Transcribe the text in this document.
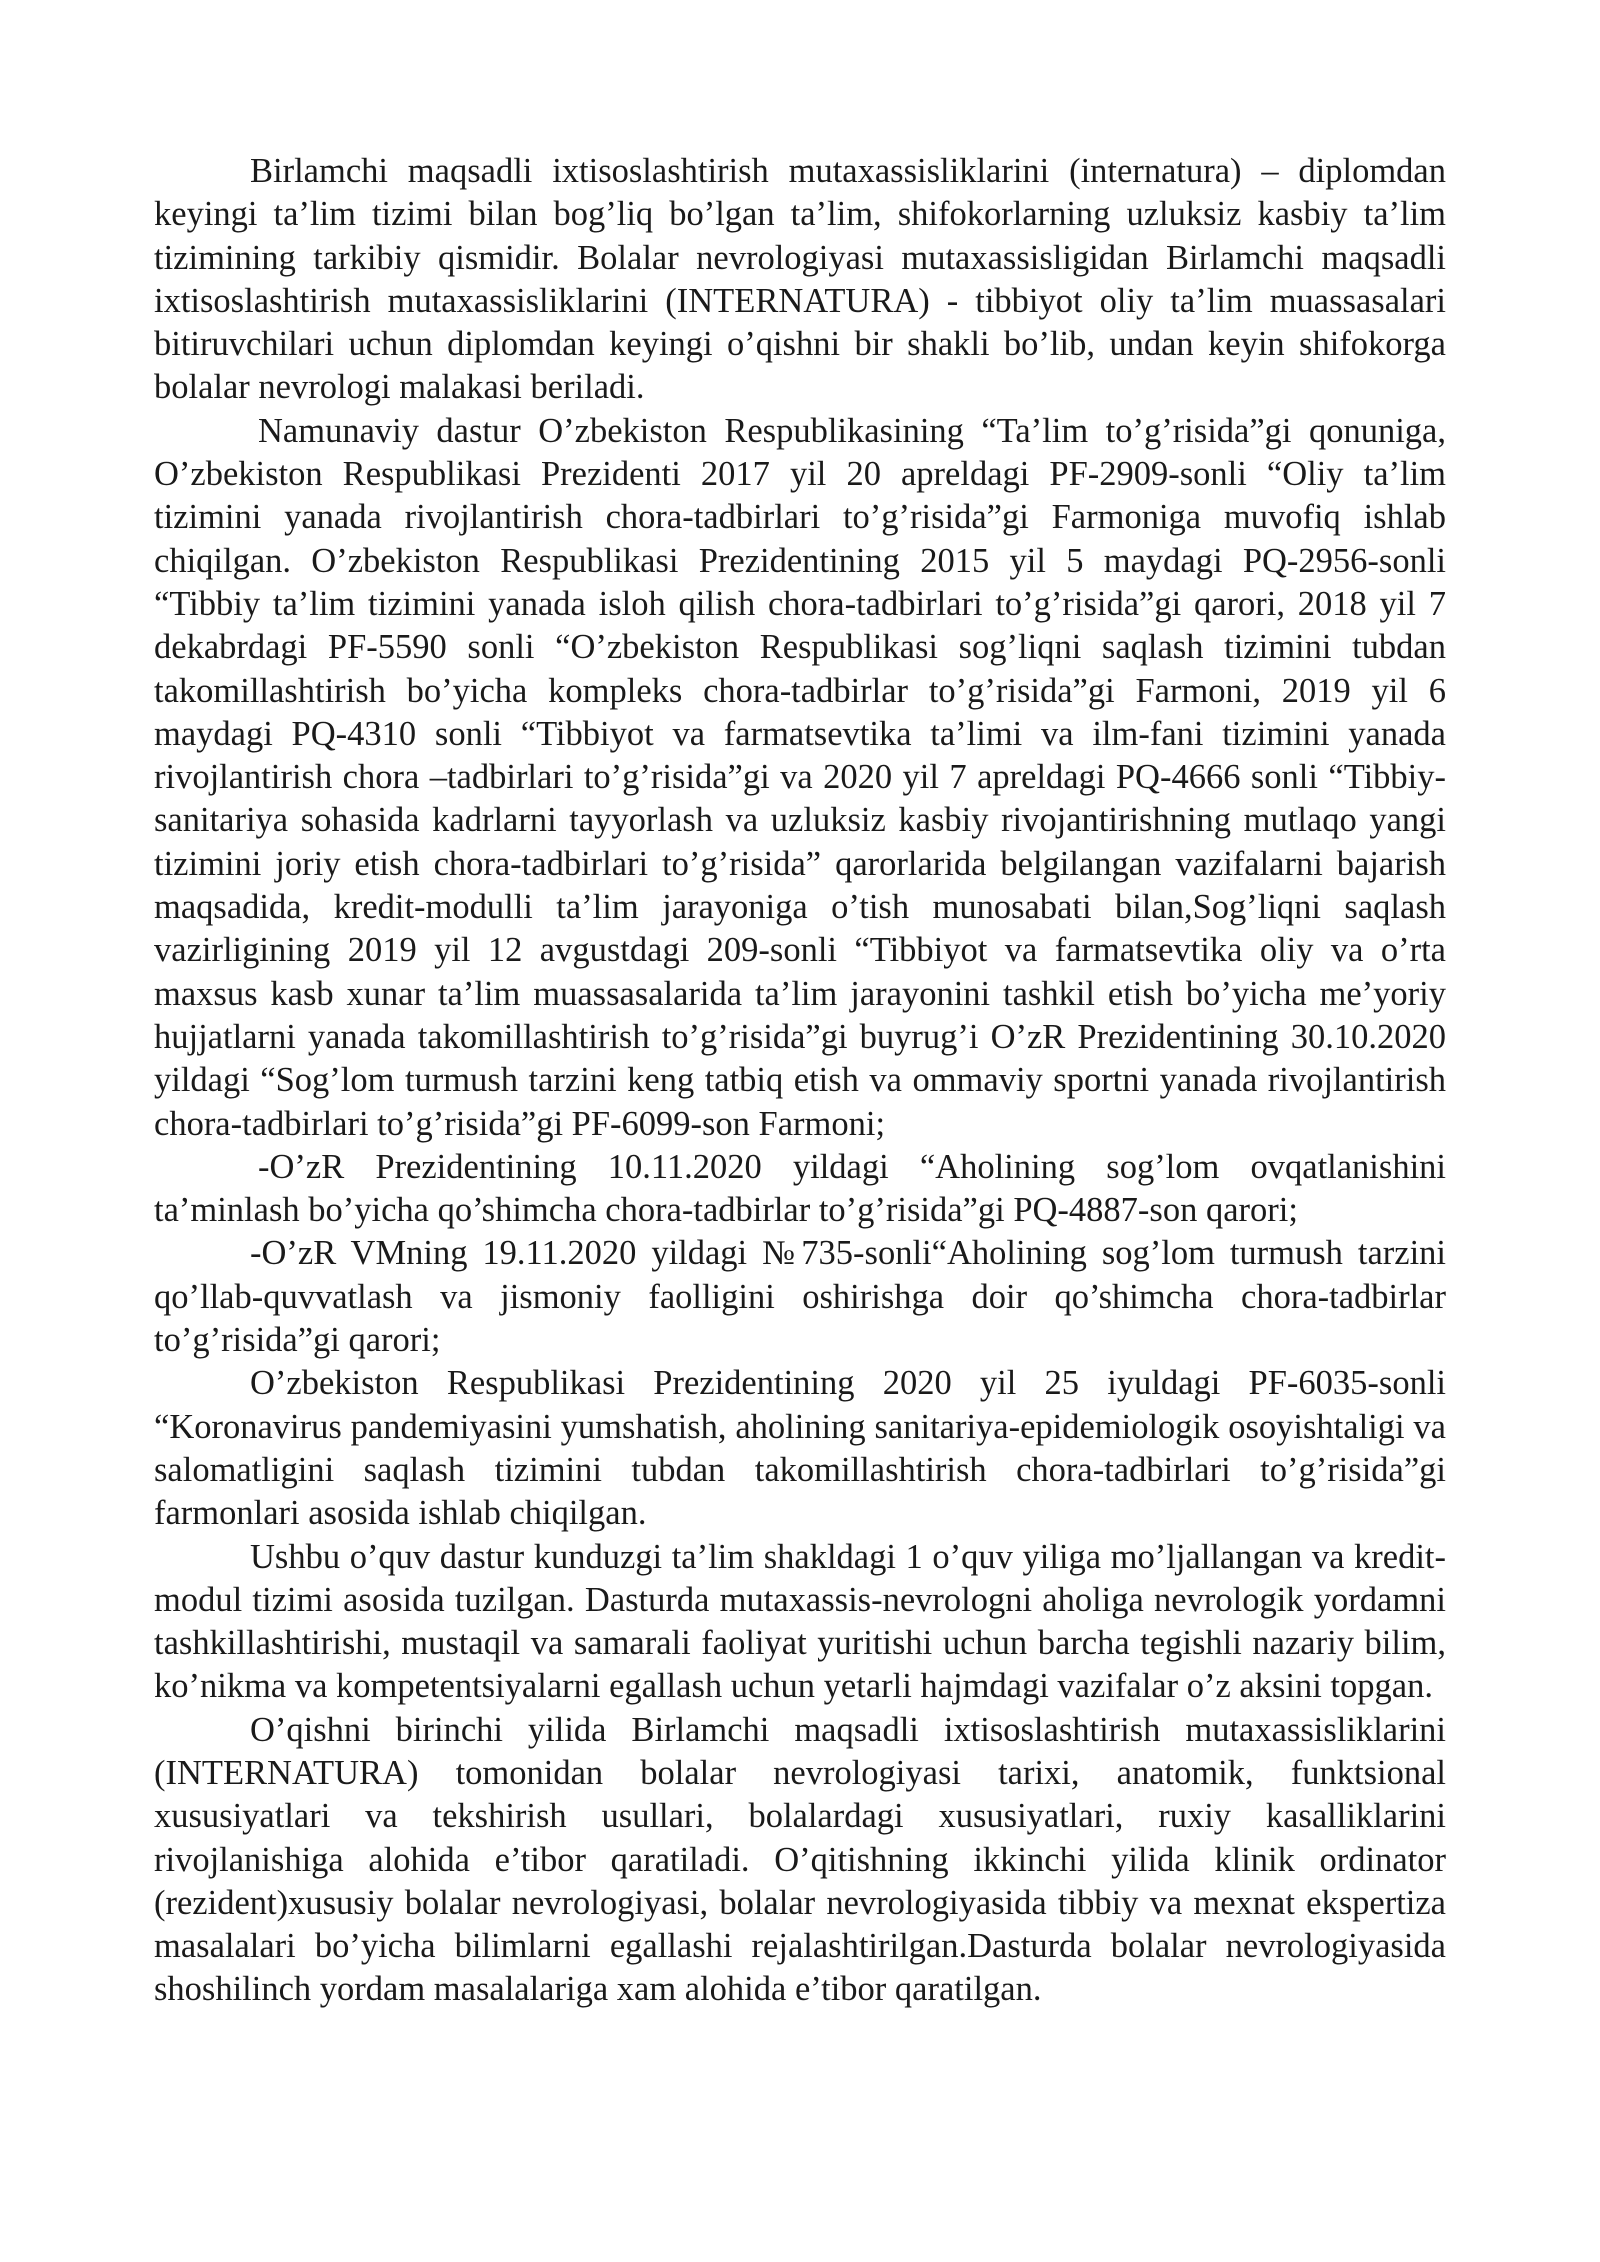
Birlamchi maqsadli ixtisoslashtirish mutaxassisliklarini (internatura) – diplomdan keyingi ta’lim tizimi bilan bog’liq bo’lgan ta’lim, shifokorlarning uzluksiz kasbiy ta’lim tizimining tarkibiy qismidir. Bolalar nevrologiyasi mutaxassisligidan Birlamchi maqsadli ixtisoslashtirish mutaxassisliklarini (INTERNATURA) - tibbiyot oliy ta’lim muassasalari bitiruvchilari uchun diplomdan keyingi o’qishni bir shakli bo’lib, undan keyin shifokorga bolalar nevrologi malakasi beriladi.

Namunaviy dastur O’zbekiston Respublikasining “Ta’lim to’g’risida”gi qonuniga, O’zbekiston Respublikasi Prezidenti 2017 yil 20 apreldagi PF-2909-sonli “Oliy ta’lim tizimini yanada rivojlantirish chora-tadbirlari to’g’risida”gi Farmoniga muvofiq ishlab chiqilgan. O’zbekiston Respublikasi Prezidentining 2015 yil 5 maydagi PQ-2956-sonli “Tibbiy ta’lim tizimini yanada isloh qilish chora-tadbirlari to’g’risida”gi qarori, 2018 yil 7 dekabrdagi PF-5590 sonli “O’zbekiston Respublikasi sog’liqni saqlash tizimini tubdan takomillashtirish bo’yicha kompleks chora-tadbirlar to’g’risida”gi Farmoni, 2019 yil 6 maydagi PQ-4310 sonli “Tibbiyot va farmatsevtika ta’limi va ilm-fani tizimini yanada rivojlantirish chora –tadbirlari to’g’risida”gi va 2020 yil 7 apreldagi PQ-4666 sonli “Tibbiy-sanitariya sohasida kadrlarni tayyorlash va uzluksiz kasbiy rivojantirishning mutlaqo yangi tizimini joriy etish chora-tadbirlari to’g’risida” qarorlarida belgilangan vazifalarni bajarish maqsadida, kredit-modulli ta’lim jarayoniga o’tish munosabati bilan,Sog’liqni saqlash vazirligining 2019 yil 12 avgustdagi 209-sonli “Tibbiyot va farmatsevtika oliy va o’rta maxsus kasb xunar ta’lim muassasalarida ta’lim jarayonini tashkil etish bo’yicha me’yoriy hujjatlarni yanada takomillashtirish to’g’risida”gi buyrug’i O’zR Prezidentining 30.10.2020 yildagi “Sog’lom turmush tarzini keng tatbiq etish va ommaviy sportni yanada rivojlantirish chora-tadbirlari to’g’risida”gi PF-6099-son Farmoni;

-O’zR Prezidentining 10.11.2020 yildagi “Aholining sog’lom ovqatlanishini ta’minlash bo’yicha qo’shimcha chora-tadbirlar to’g’risida”gi PQ-4887-son qarori;

-O’zR VMning 19.11.2020 yildagi №735-sonli“Aholining sog’lom turmush tarzini qo’llab-quvvatlash va jismoniy faolligini oshirishga doir qo’shimcha chora-tadbirlar to’g’risida”gi qarori;

O’zbekiston Respublikasi Prezidentining 2020 yil 25 iyuldagi PF-6035-sonli “Koronavirus pandemiyasini yumshatish, aholining sanitariya-epidemiologik osoyishtaligi va salomatligini saqlash tizimini tubdan takomillashtirish chora-tadbirlari to’g’risida”gi farmonlari asosida ishlab chiqilgan.

Ushbu o’quv dastur kunduzgi ta’lim shakldagi 1 o’quv yiliga mo’ljallangan va kredit-modul tizimi asosida tuzilgan. Dasturda mutaxassis-nevrologni aholiga nevrologik yordamni tashkillashtirishi, mustaqil va samarali faoliyat yuritishi uchun barcha tegishli nazariy bilim, ko’nikma va kompetentsiyalarni egallash uchun yetarli hajmdagi vazifalar o’z aksini topgan.

O’qishni birinchi yilida Birlamchi maqsadli ixtisoslashtirish mutaxassisliklarini (INTERNATURA) tomonidan bolalar nevrologiyasi tarixi, anatomik, funktsional xususiyatlari va tekshirish usullari, bolalardagi xususiyatlari, ruxiy kasalliklarini rivojlanishiga alohida e’tibor qaratiladi. O’qitishning ikkinchi yilida klinik ordinator (rezident)xususiy bolalar nevrologiyasi, bolalar nevrologiyasida tibbiy va mexnat ekspertiza masalalari bo’yicha bilimlarni egallashi rejalashtirilgan.Dasturda bolalar nevrologiyasida shoshilinch yordam masalalariga xam alohida e’tibor qaratilgan.
